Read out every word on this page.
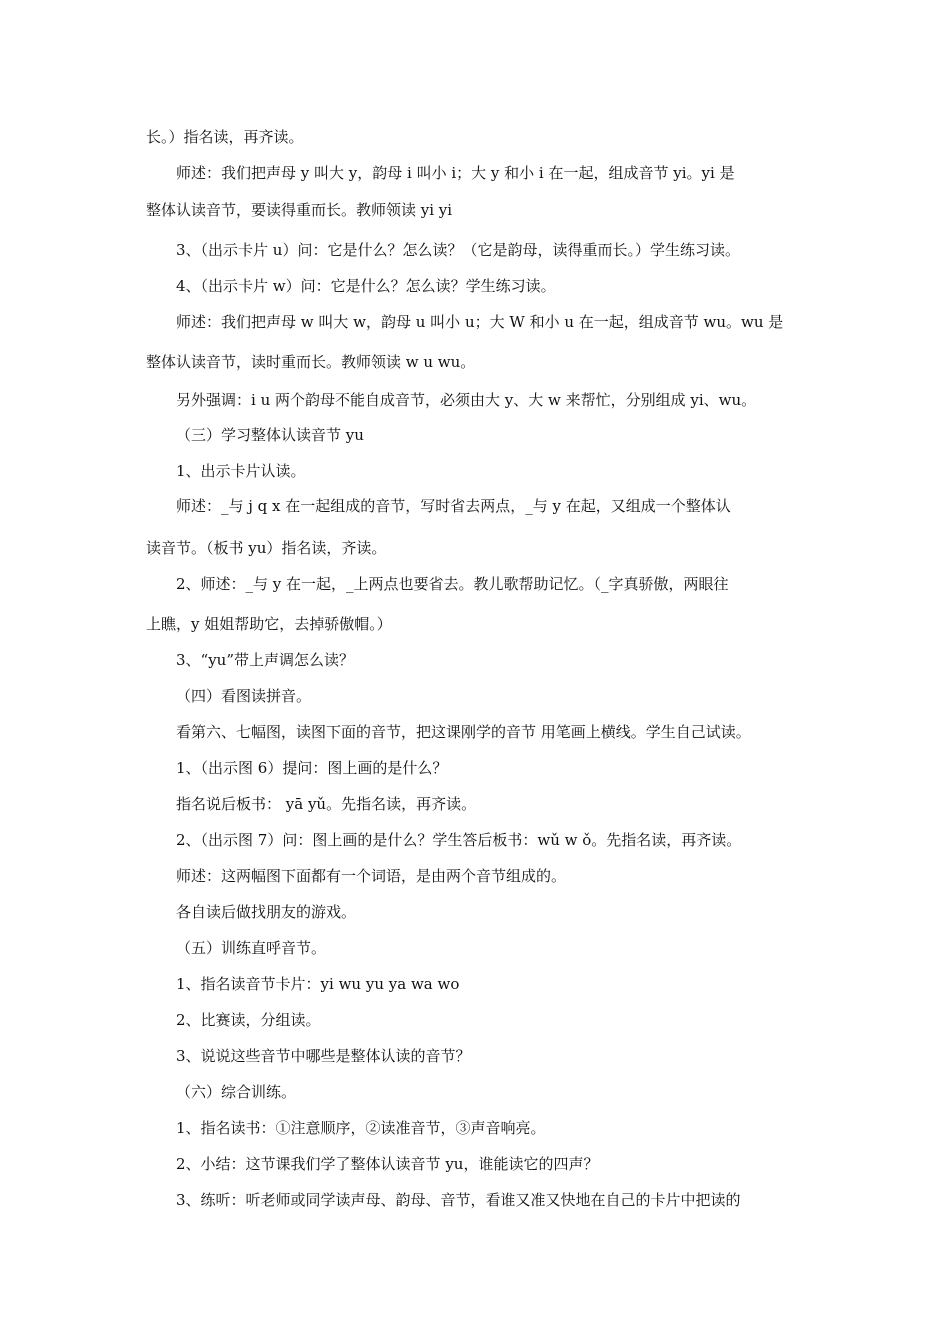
长。）指名读，再齐读。
师述：我们把声母 y 叫大 y，韵母 i 叫小 i；大 y 和小 i 在一起，组成音节 yi。yi 是
整体认读音节，要读得重而长。教师领读 yi yi
3、（出示卡片 u）问：它是什么？怎么读？（它是韵母，读得重而长。）学生练习读。
4、（出示卡片 w）问：它是什么？怎么读？学生练习读。
师述：我们把声母 w 叫大 w，韵母 u 叫小 u；大 W 和小 u 在一起，组成音节 wu。wu 是
整体认读音节，读时重而长。教师领读 w u wu。
另外强调：i u 两个韵母不能自成音节，必须由大 y、大 w 来帮忙，分别组成 yi、wu。
（三）学习整体认读音节 yu
1、出示卡片认读。
师述：_与 j q x 在一起组成的音节，写时省去两点，_与 y 在起，又组成一个整体认
读音节。（板书 yu）指名读，齐读。
2、师述：_与 y 在一起，_上两点也要省去。教儿歌帮助记忆。（_字真骄傲，两眼往
上瞧，y 姐姐帮助它，去掉骄傲帽。）
3、“yu”带上声调怎么读？
（四）看图读拼音。
看第六、七幅图，读图下面的音节，把这课刚学的音节 用笔画上横线。学生自己试读。
1、（出示图 6）提问：图上画的是什么？
指名说后板书： yā yǔ。先指名读，再齐读。
2、（出示图 7）问：图上画的是什么？学生答后板书：wǔ w ǒ。先指名读，再齐读。
师述：这两幅图下面都有一个词语，是由两个音节组成的。
各自读后做找朋友的游戏。
（五）训练直呼音节。
1、指名读音节卡片：yi wu yu ya wa wo
2、比赛读，分组读。
3、说说这些音节中哪些是整体认读的音节？
（六）综合训练。
1、指名读书：①注意顺序，②读准音节，③声音响亮。
2、小结：这节课我们学了整体认读音节 yu，谁能读它的四声？
3、练听：听老师或同学读声母、韵母、音节，看谁又准又快地在自己的卡片中把读的
